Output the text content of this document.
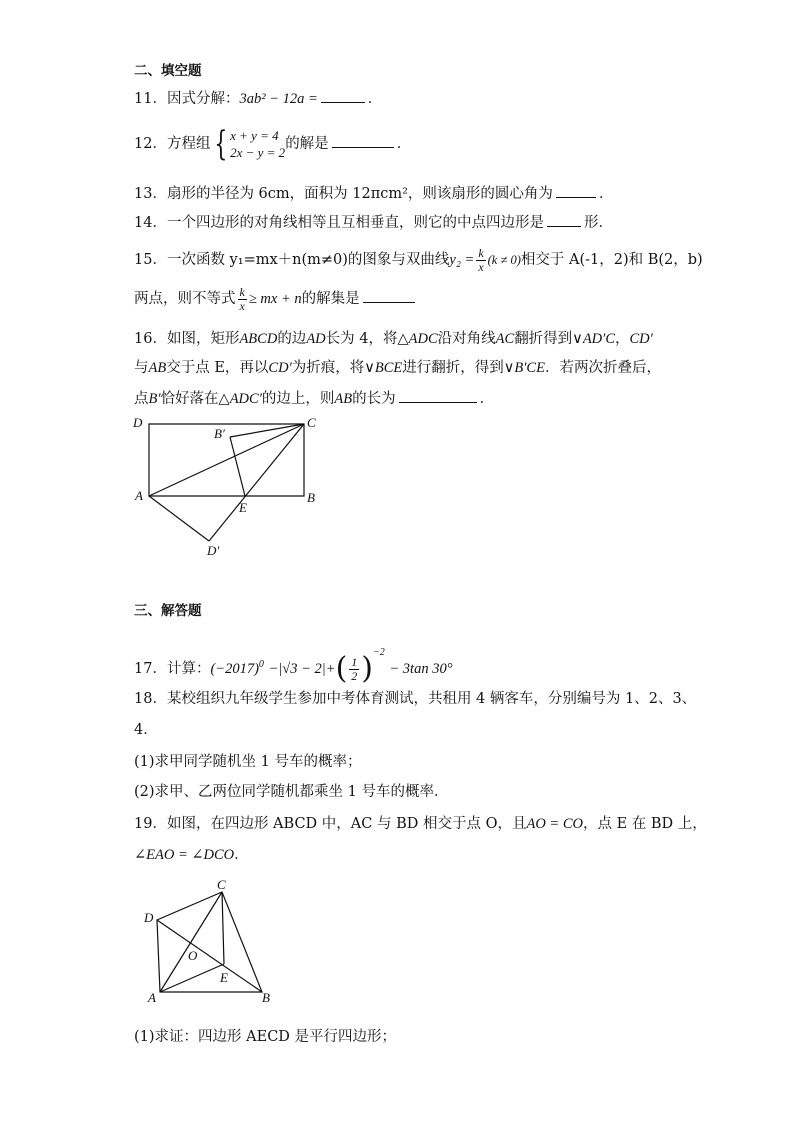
二、填空题
11．因式分解：3ab² − 12a =	．
12．方程组 { x + y = 4
2x − y = 2
的解是	．
13．扇形的半径为 6cm，面积为 12πcm²，则该扇形的圆心角为	．
14．一个四边形的对角线相等且互相垂直，则它的中点四边形是	形．
15．一次函数 y₁=mx＋n(m≠0)的图象与双曲线$y_2 = \frac{k}{x} (k \ne 0)$相交于 A(-1，2)和 B(2，b)
两点，则不等式 $\frac{k}{x}$ ≥ mx + n的解集是
16．如图，矩形ABCD的边AD长为 4，将△ADC沿对角线AC翻折得到∨AD′C，CD′
与AB交于点 E，再以CD′为折痕，将∨BCE进行翻折，得到∨B′CE．若两次折叠后，
点B′恰好落在△ADC′的边上，则AB的长为	．
D	C
B′
A
E
B
D′
三、解答题
17．计算：$(-2017)^0 -|√3 - 2|+( \frac{1}{2} )^{-2} - 3\tan$ 30°
18．某校组织九年级学生参加中考体育测试，共租用 4 辆客车，分别编号为 1、2、3、
4．
(1)求甲同学随机坐 1 号车的概率；
(2)求甲、乙两位同学随机都乘坐 1 号车的概率．
19．如图，在四边形 ABCD 中，AC 与 BD 相交于点 O，且AO = CO，点 E 在 BD 上，
∠EAO = ∠DCO．
C
D
O
E
A	B
(1)求证：四边形 AECD 是平行四边形；
